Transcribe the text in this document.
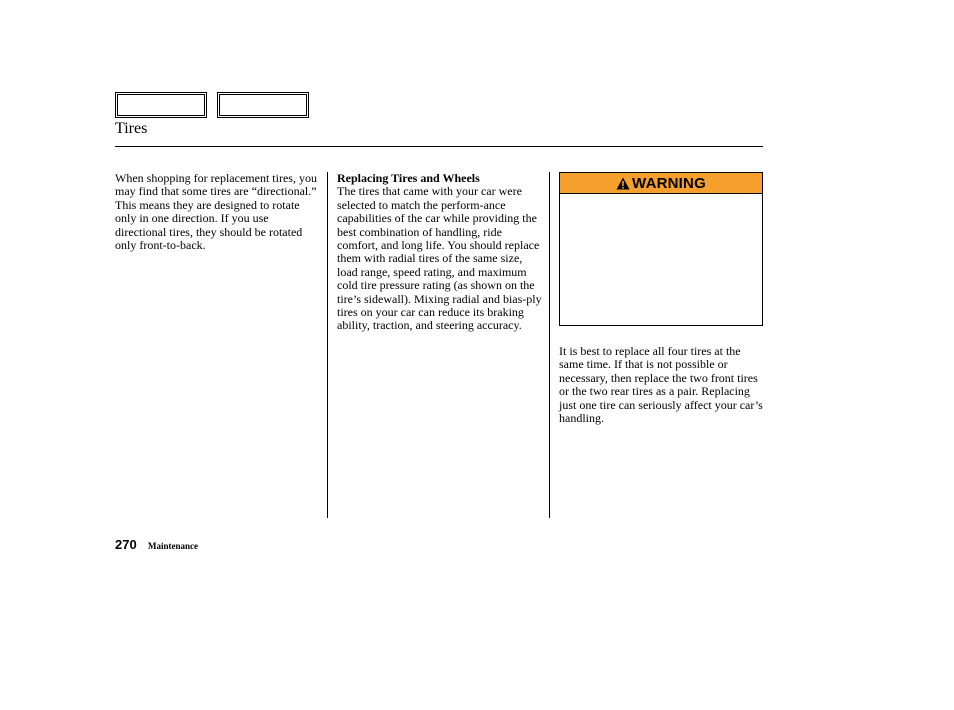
Tires

When shopping for replacement tires, you may find that some tires are “directional.” This means they are designed to rotate only in one direction. If you use directional tires, they should be rotated only front-to-back.

Replacing Tires and Wheels

The tires that came with your car were selected to match the perform-ance capabilities of the car while providing the best combination of handling, ride comfort, and long life. You should replace them with radial tires of the same size, load range, speed rating, and maximum cold tire pressure rating (as shown on the tire’s sidewall). Mixing radial and bias-ply tires on your car can reduce its braking ability, traction, and steering accuracy.

WARNING

It is best to replace all four tires at the same time. If that is not possible or necessary, then replace the two front tires or the two rear tires as a pair. Replacing just one tire can seriously affect your car’s handling.

270 Maintenance
